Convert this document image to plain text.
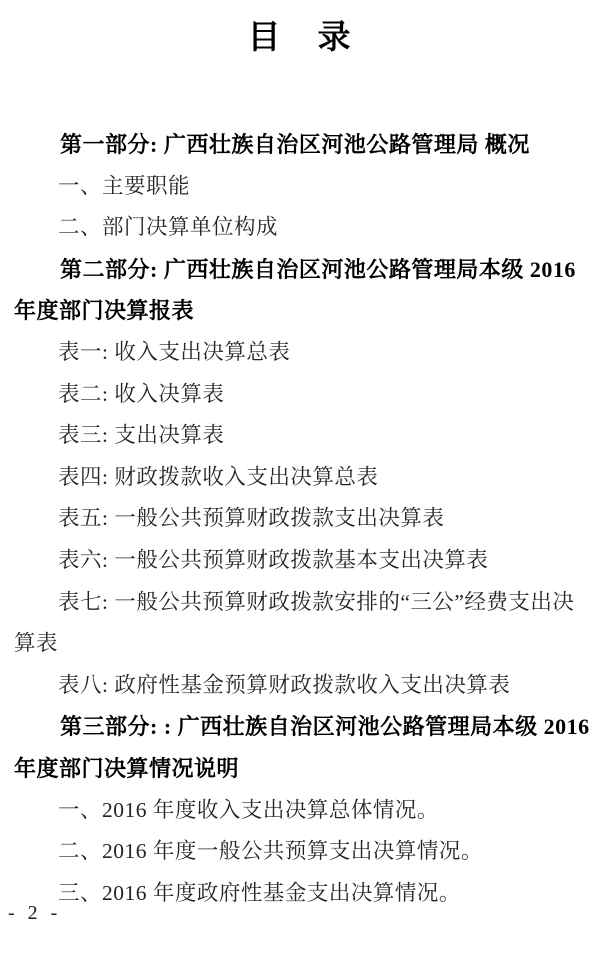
目　录

第一部分: 广西壮族自治区河池公路管理局 概况

一、主要职能

二、部门决算单位构成

第二部分: 广西壮族自治区河池公路管理局本级 2016 年度部门决算报表

表一: 收入支出决算总表

表二: 收入决算表

表三: 支出决算表

表四: 财政拨款收入支出决算总表

表五: 一般公共预算财政拨款支出决算表

表六: 一般公共预算财政拨款基本支出决算表

表七: 一般公共预算财政拨款安排的“三公”经费支出决算表

表八: 政府性基金预算财政拨款收入支出决算表

第三部分: : 广西壮族自治区河池公路管理局本级 2016 年度部门决算情况说明

一、2016 年度收入支出决算总体情况。

二、2016 年度一般公共预算支出决算情况。

三、2016 年度政府性基金支出决算情况。

- 2 -
